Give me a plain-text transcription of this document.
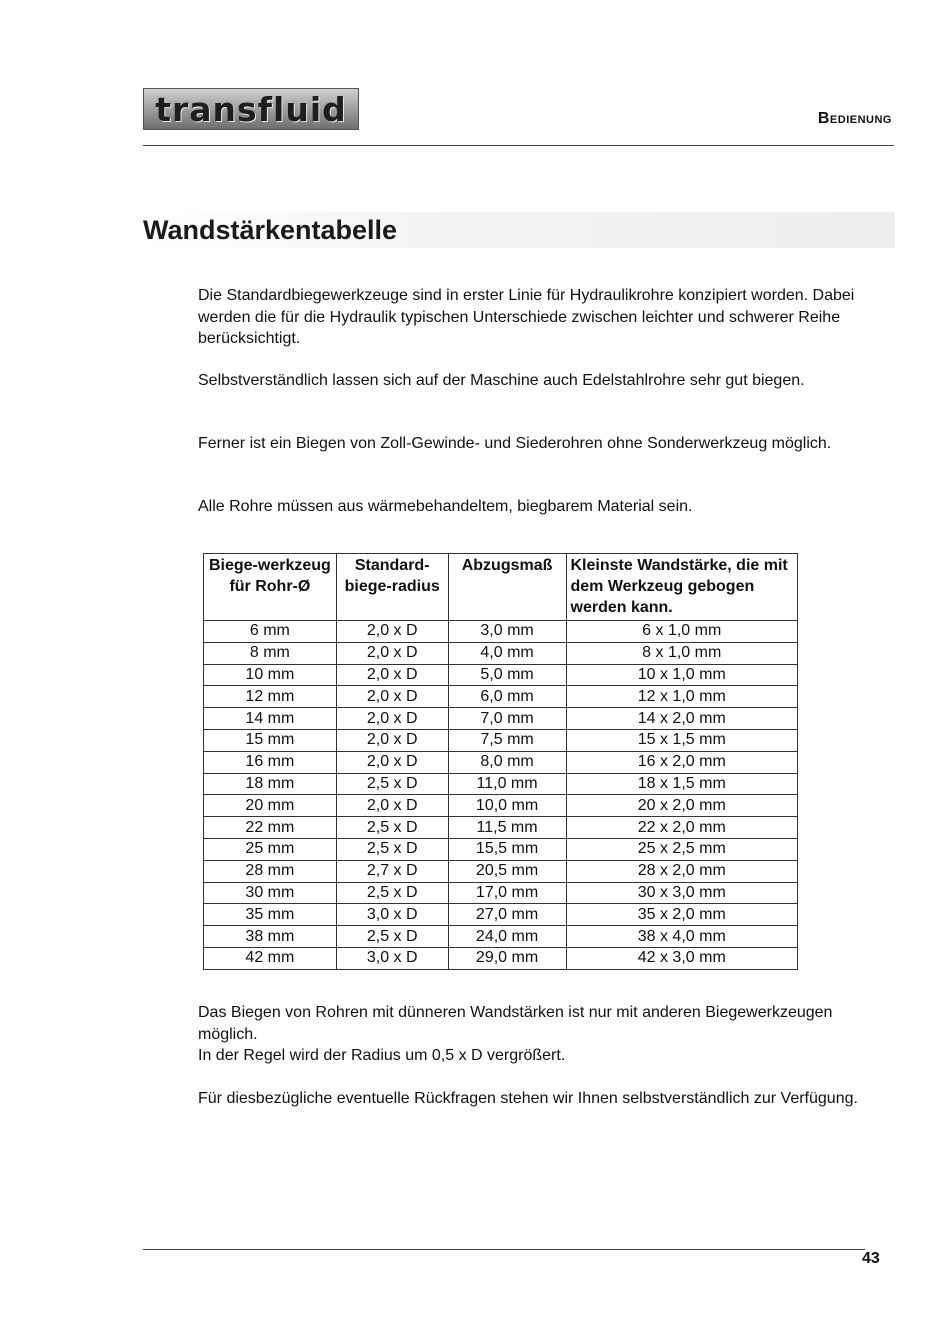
transfluid	Bedienung
Wandstärkentabelle

Die Standardbiegewerkzeuge sind in erster Linie für Hydraulikrohre konzipiert worden. Dabei werden die für die Hydraulik typischen Unterschiede zwischen leichter und schwerer Reihe berücksichtigt.

Selbstverständlich lassen sich auf der Maschine auch Edelstahlrohre sehr gut biegen.

Ferner ist ein Biegen von Zoll-Gewinde- und Siederohren ohne Sonderwerkzeug möglich.

Alle Rohre müssen aus wärmebehandeltem, biegbarem Material sein.

Biege-werkzeug für Rohr-Ø	Standard-biege-radius	Abzugsmaß	Kleinste Wandstärke, die mit dem Werkzeug gebogen werden kann.
6 mm	2,0 x D	3,0 mm	6 x 1,0 mm
8 mm	2,0 x D	4,0 mm	8 x 1,0 mm
10 mm	2,0 x D	5,0 mm	10 x 1,0 mm
12 mm	2,0 x D	6,0 mm	12 x 1,0 mm
14 mm	2,0 x D	7,0 mm	14 x 2,0 mm
15 mm	2,0 x D	7,5 mm	15 x 1,5 mm
16 mm	2,0 x D	8,0 mm	16 x 2,0 mm
18 mm	2,5 x D	11,0 mm	18 x 1,5 mm
20 mm	2,0 x D	10,0 mm	20 x 2,0 mm
22 mm	2,5 x D	11,5 mm	22 x 2,0 mm
25 mm	2,5 x D	15,5 mm	25 x 2,5 mm
28 mm	2,7 x D	20,5 mm	28 x 2,0 mm
30 mm	2,5 x D	17,0 mm	30 x 3,0 mm
35 mm	3,0 x D	27,0 mm	35 x 2,0 mm
38 mm	2,5 x D	24,0 mm	38 x 4,0 mm
42 mm	3,0 x D	29,0 mm	42 x 3,0 mm

Das Biegen von Rohren mit dünneren Wandstärken ist nur mit anderen Biegewerkzeugen möglich.

In der Regel wird der Radius um 0,5 x D vergrößert.

Für diesbezügliche eventuelle Rückfragen stehen wir Ihnen selbstverständlich zur Verfügung.

43
